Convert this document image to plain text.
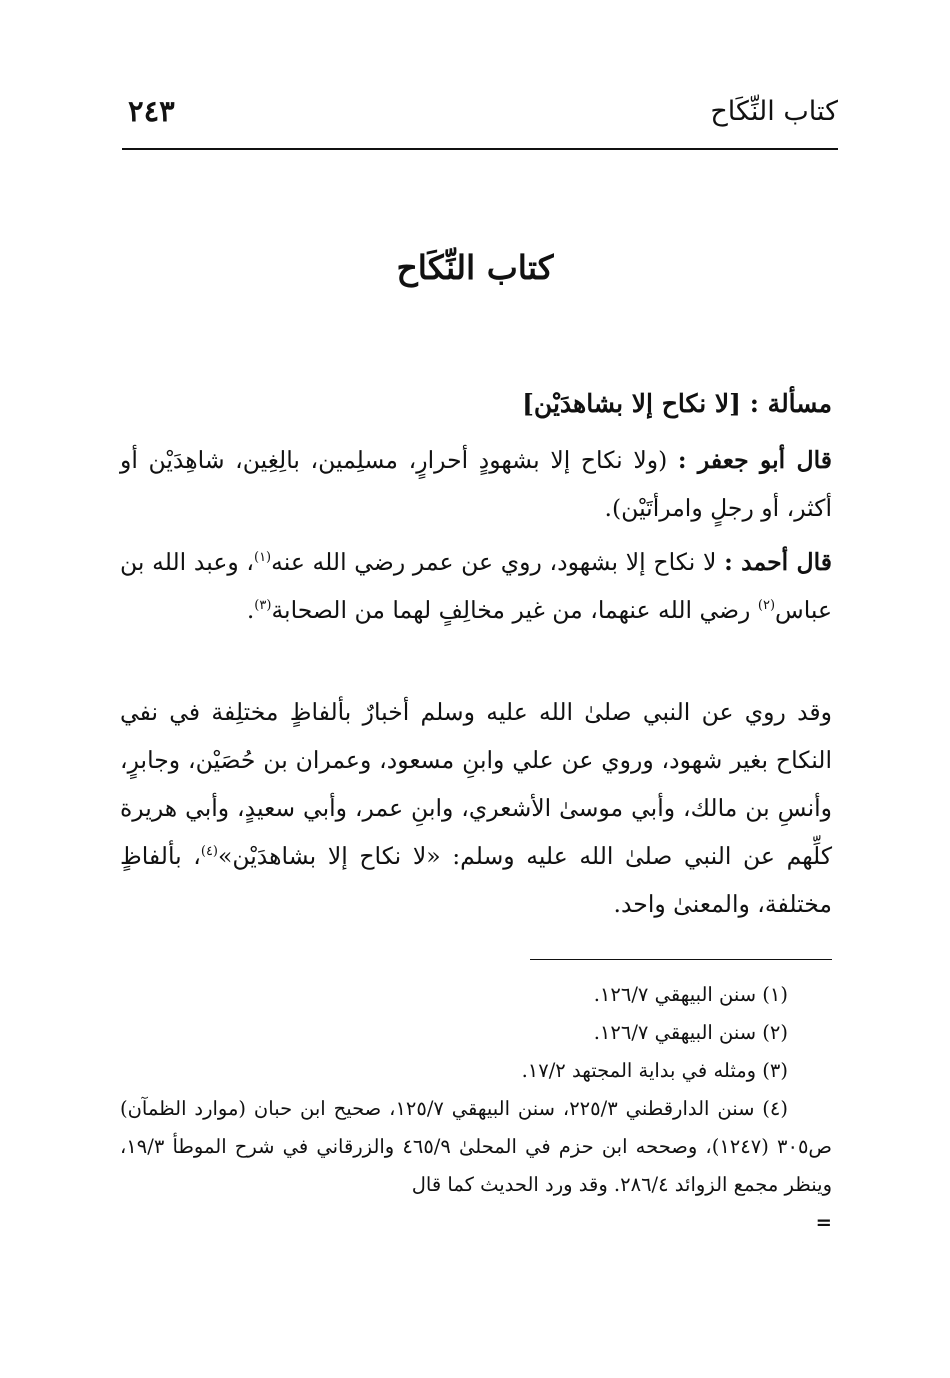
كتاب النِّكَاح
٢٤٣
كتاب النِّكَاح
مسألة : [لا نكاح إلا بشاهدَيْن]
قال أبو جعفر : (ولا نكاح إلا بشهودٍ أحرارٍ، مسلِمين، بالِغِين، شاهِدَيْن أو أكثر، أو رجلٍ وامرأتَيْن).
قال أحمد : لا نكاح إلا بشهود، روي عن عمر رضي الله عنه$^{(١)}$، وعبد الله بن عباس$^{(٢)}$ رضي الله عنهما، من غير مخالِفٍ لهما من الصحابة$^{(٣)}$.
وقد روي عن النبي صلىٰ الله عليه وسلم أخبارٌ بألفاظٍ مختلِفة في نفي النكاح بغير شهود، وروي عن علي وابنِ مسعود، وعمران بن حُصَيْن، وجابرٍ، وأنسِ بن مالك، وأبي موسىٰ الأشعري، وابنِ عمر، وأبي سعيدٍ، وأبي هريرة كلِّهم عن النبي صلىٰ الله عليه وسلم: «لا نكاح إلا بشاهدَيْن»$^{(٤)}$، بألفاظٍ مختلفة، والمعنىٰ واحد.

(١) سنن البيهقي ١٢٦/٧.

(٢) سنن البيهقي ١٢٦/٧.

(٣) ومثله في بداية المجتهد ١٧/٢.

(٤) سنن الدارقطني ٢٢٥/٣، سنن البيهقي ١٢٥/٧، صحيح ابن حبان (موارد الظمآن) ص٣٠٥ (١٢٤٧)، وصححه ابن حزم في المحلىٰ ٤٦٥/٩ والزرقاني في شرح الموطأ ١٩/٣، وينظر مجمع الزوائد ٢٨٦/٤. وقد ورد الحديث كما قال

=
